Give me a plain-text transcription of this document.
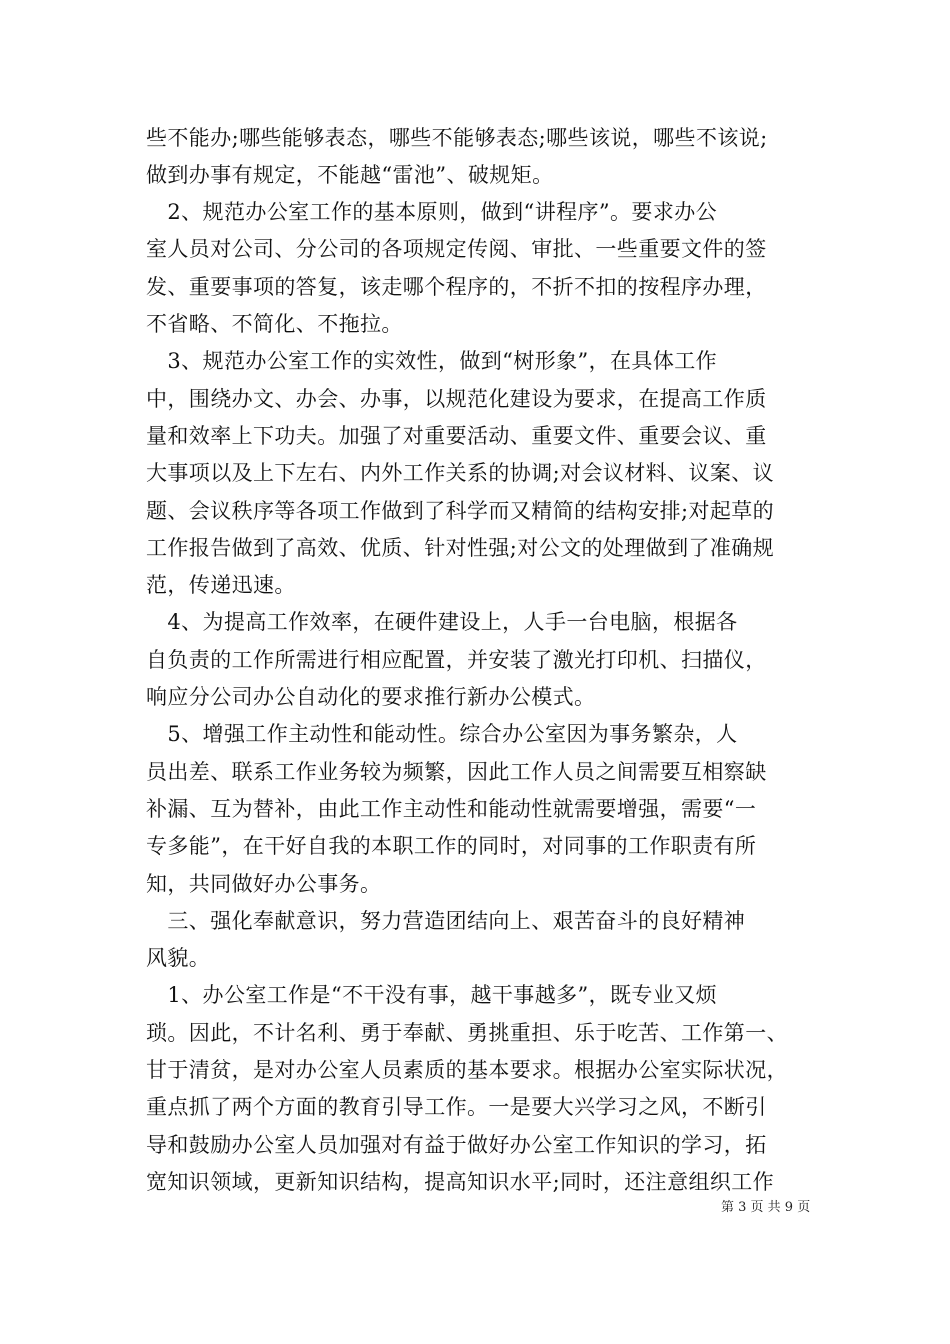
些不能办;哪些能够表态，哪些不能够表态;哪些该说，哪些不该说;
做到办事有规定，不能越“雷池”、破规矩。
　2、规范办公室工作的基本原则，做到“讲程序”。要求办公
室人员对公司、分公司的各项规定传阅、审批、一些重要文件的签
发、重要事项的答复，该走哪个程序的，不折不扣的按程序办理，
不省略、不简化、不拖拉。
　3、规范办公室工作的实效性，做到“树形象”，在具体工作
中，围绕办文、办会、办事，以规范化建设为要求，在提高工作质
量和效率上下功夫。加强了对重要活动、重要文件、重要会议、重
大事项以及上下左右、内外工作关系的协调;对会议材料、议案、议
题、会议秩序等各项工作做到了科学而又精简的结构安排;对起草的
工作报告做到了高效、优质、针对性强;对公文的处理做到了准确规
范，传递迅速。
　4、为提高工作效率，在硬件建设上，人手一台电脑，根据各
自负责的工作所需进行相应配置，并安装了激光打印机、扫描仪，
响应分公司办公自动化的要求推行新办公模式。
　5、增强工作主动性和能动性。综合办公室因为事务繁杂，人
员出差、联系工作业务较为频繁，因此工作人员之间需要互相察缺
补漏、互为替补，由此工作主动性和能动性就需要增强，需要“一
专多能”，在干好自我的本职工作的同时，对同事的工作职责有所
知，共同做好办公事务。
　三、强化奉献意识，努力营造团结向上、艰苦奋斗的良好精神
风貌。
　1、办公室工作是“不干没有事，越干事越多”，既专业又烦
琐。因此，不计名利、勇于奉献、勇挑重担、乐于吃苦、工作第一、
甘于清贫，是对办公室人员素质的基本要求。根据办公室实际状况，
重点抓了两个方面的教育引导工作。一是要大兴学习之风，不断引
导和鼓励办公室人员加强对有益于做好办公室工作知识的学习，拓
宽知识领域，更新知识结构，提高知识水平;同时，还注意组织工作
第 3 页 共 9 页
